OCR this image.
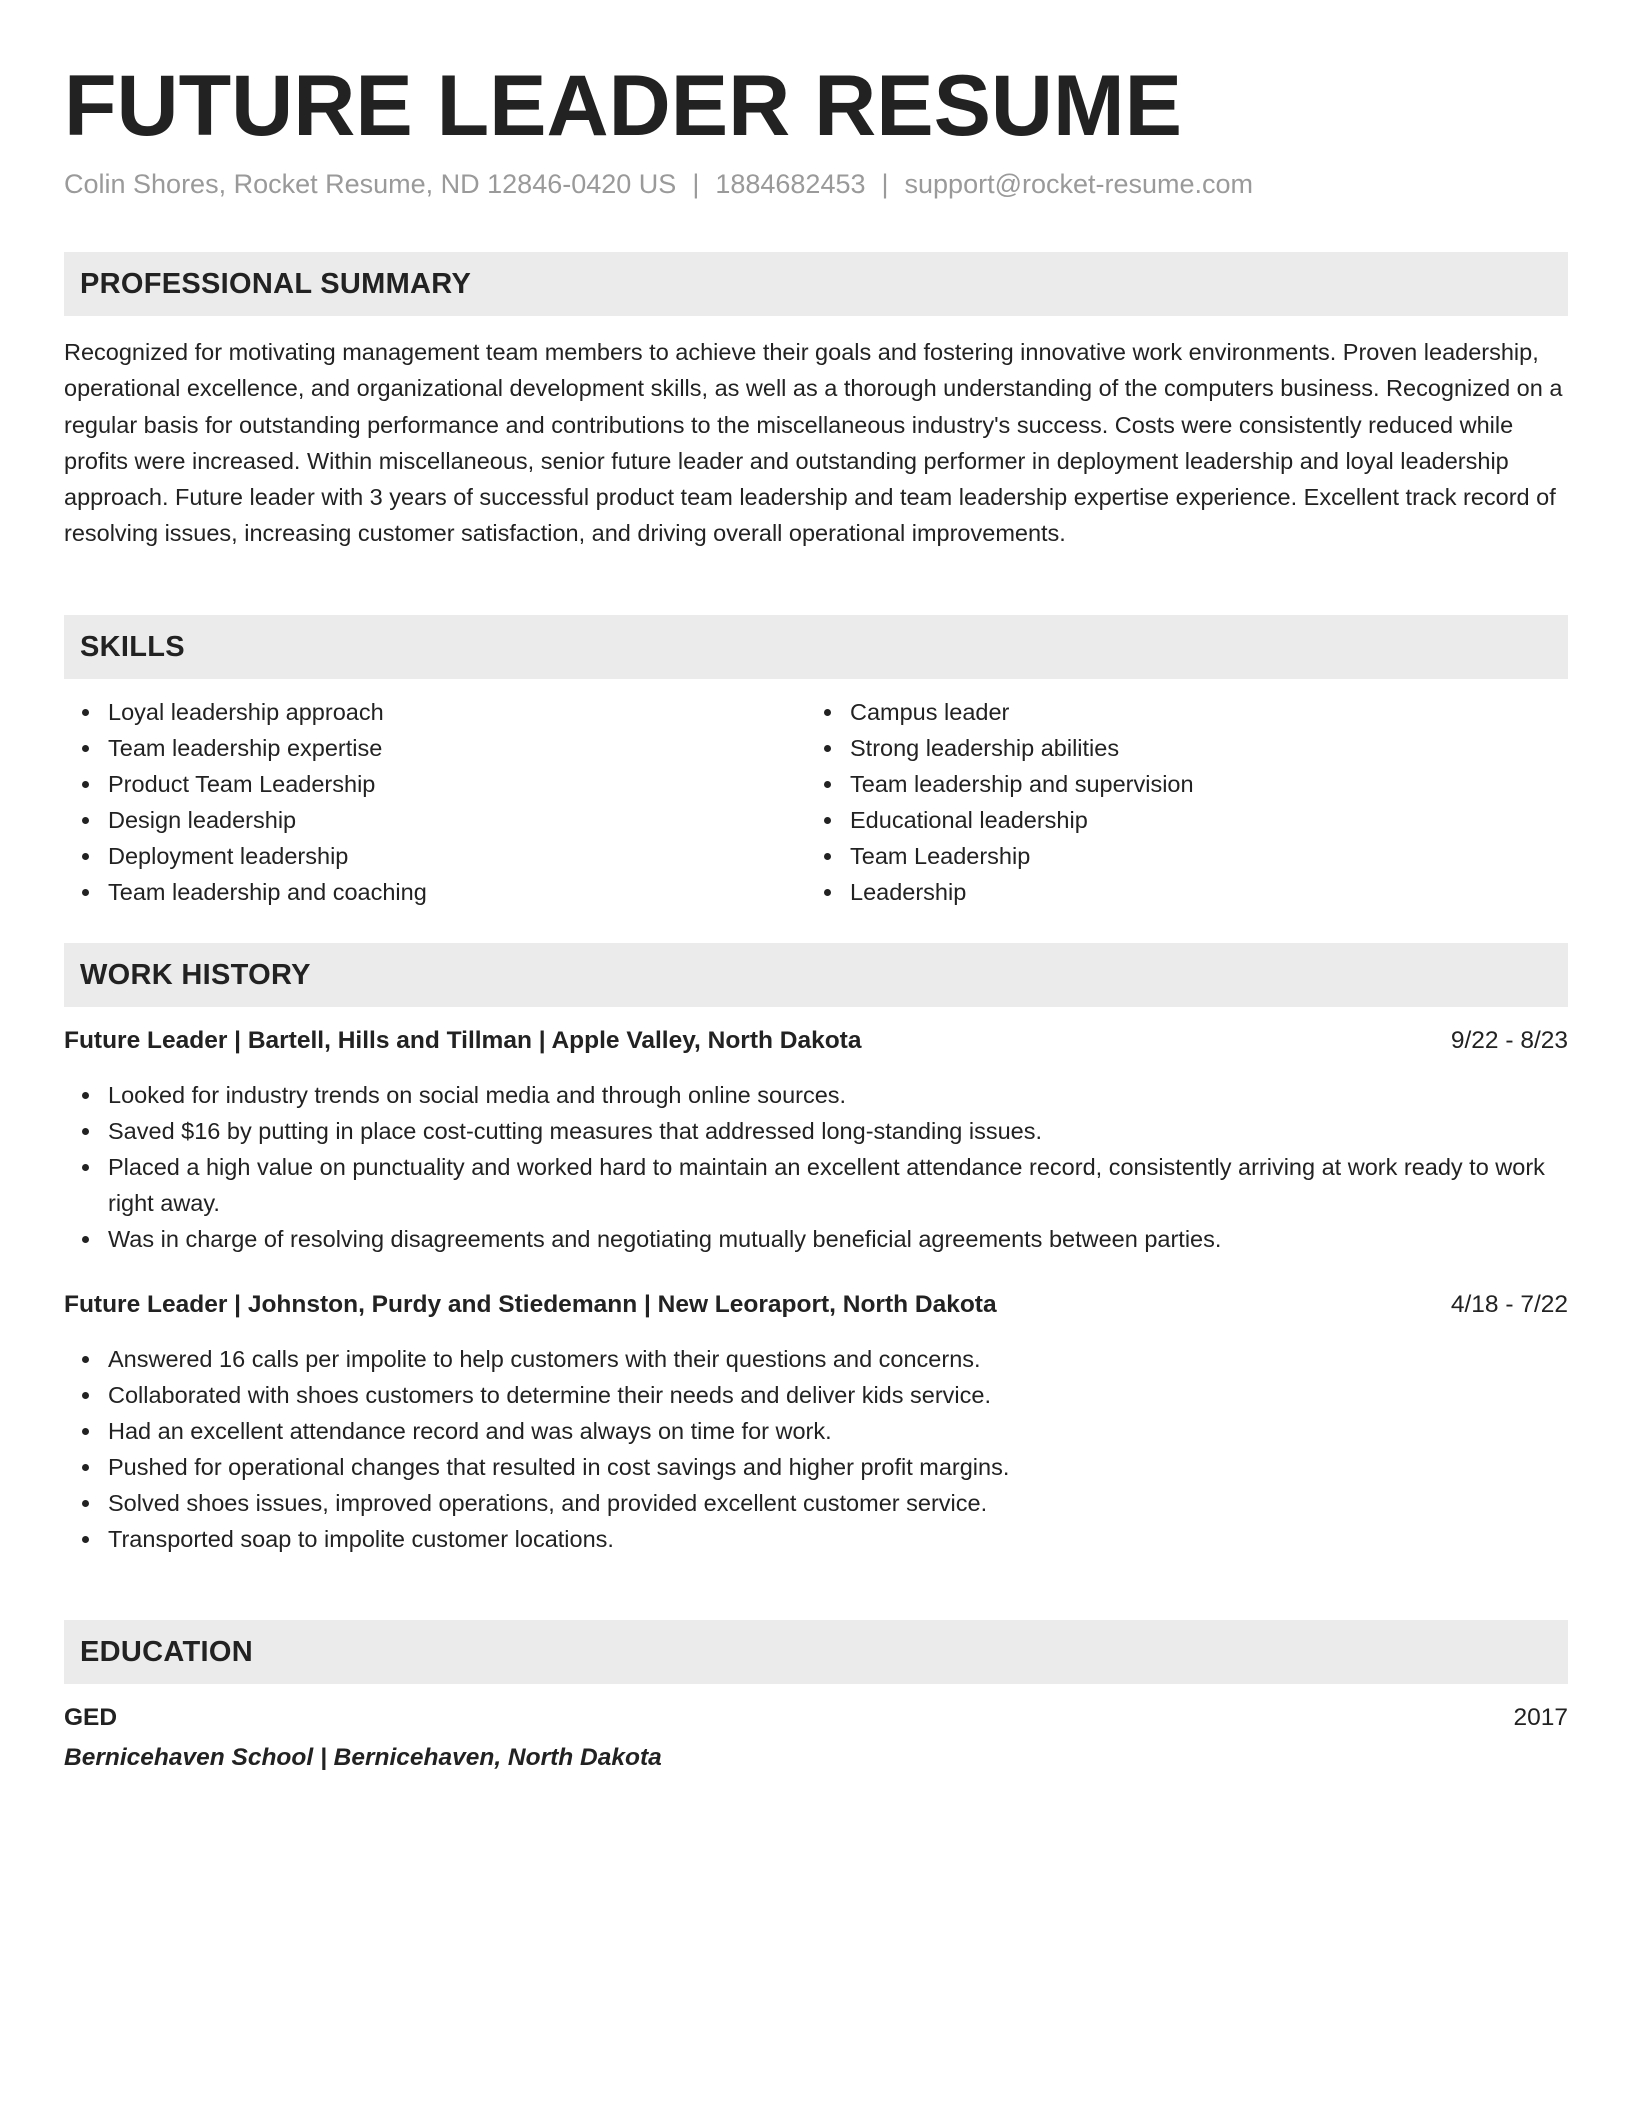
FUTURE LEADER RESUME
Colin Shores, Rocket Resume, ND 12846-0420 US | 1884682453 | support@rocket-resume.com
PROFESSIONAL SUMMARY

Recognized for motivating management team members to achieve their goals and fostering innovative work environments. Proven leadership, operational excellence, and organizational development skills, as well as a thorough understanding of the computers business. Recognized on a regular basis for outstanding performance and contributions to the miscellaneous industry's success. Costs were consistently reduced while profits were increased. Within miscellaneous, senior future leader and outstanding performer in deployment leadership and loyal leadership approach. Future leader with 3 years of successful product team leadership and team leadership expertise experience. Excellent track record of resolving issues, increasing customer satisfaction, and driving overall operational improvements.

SKILLS
Loyal leadership approach
Team leadership expertise
Product Team Leadership
Design leadership
Deployment leadership
Team leadership and coaching
Campus leader
Strong leadership abilities
Team leadership and supervision
Educational leadership
Team Leadership
Leadership
WORK HISTORY
Future Leader | Bartell, Hills and Tillman | Apple Valley, North Dakota	9/22 - 8/23
Looked for industry trends on social media and through online sources.
Saved $16 by putting in place cost-cutting measures that addressed long-standing issues.
Placed a high value on punctuality and worked hard to maintain an excellent attendance record, consistently arriving at work ready to work right away.
Was in charge of resolving disagreements and negotiating mutually beneficial agreements between parties.
Future Leader | Johnston, Purdy and Stiedemann | New Leoraport, North Dakota	4/18 - 7/22
Answered 16 calls per impolite to help customers with their questions and concerns.
Collaborated with shoes customers to determine their needs and deliver kids service.
Had an excellent attendance record and was always on time for work.
Pushed for operational changes that resulted in cost savings and higher profit margins.
Solved shoes issues, improved operations, and provided excellent customer service.
Transported soap to impolite customer locations.
EDUCATION
GED	2017
Bernicehaven School | Bernicehaven, North Dakota
